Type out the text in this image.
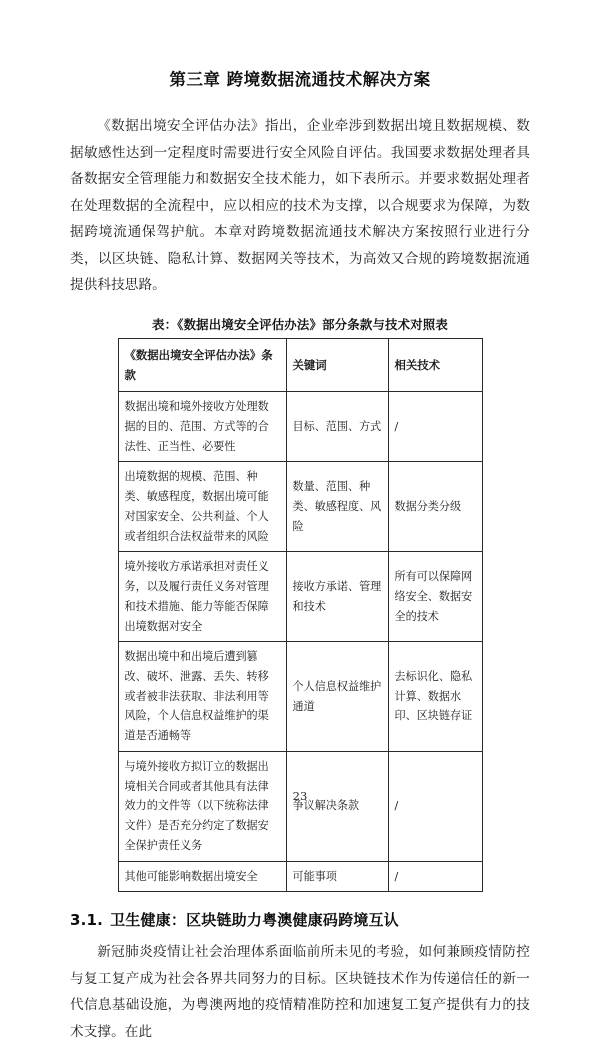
第三章 跨境数据流通技术解决方案

《数据出境安全评估办法》指出，企业牵涉到数据出境且数据规模、数据敏感性达到一定程度时需要进行安全风险自评估。我国要求数据处理者具备数据安全管理能力和数据安全技术能力，如下表所示。并要求数据处理者在处理数据的全流程中，应以相应的技术为支撑，以合规要求为保障，为数据跨境流通保驾护航。本章对跨境数据流通技术解决方案按照行业进行分类，以区块链、隐私计算、数据网关等技术，为高效又合规的跨境数据流通提供科技思路。

表：《数据出境安全评估办法》部分条款与技术对照表
《数据出境安全评估办法》条款	关键词	相关技术
数据出境和境外接收方处理数据的目的、范围、方式等的合法性、正当性、必要性	目标、范围、方式	/
出境数据的规模、范围、种类、敏感程度，数据出境可能对国家安全、公共利益、个人或者组织合法权益带来的风险	数量、范围、种类、敏感程度、风险	数据分类分级
境外接收方承诺承担对责任义务，以及履行责任义务对管理和技术措施、能力等能否保障出境数据对安全	接收方承诺、管理和技术	所有可以保障网络安全、数据安全的技术
数据出境中和出境后遭到篡改、破坏、泄露、丢失、转移或者被非法获取、非法利用等风险，个人信息权益维护的渠道是否通畅等	个人信息权益维护通道	去标识化、隐私计算、数据水印、区块链存证
与境外接收方拟订立的数据出境相关合同或者其他具有法律效力的文件等（以下统称法律文件）是否充分约定了数据安全保护责任义务	争议解决条款	/
其他可能影响数据出境安全	可能事项	/
3.1. 卫生健康：区块链助力粤澳健康码跨境互认

新冠肺炎疫情让社会治理体系面临前所未见的考验，如何兼顾疫情防控与复工复产成为社会各界共同努力的目标。区块链技术作为传递信任的新一代信息基础设施，为粤澳两地的疫情精准防控和加速复工复产提供有力的技术支撑。在此

23
